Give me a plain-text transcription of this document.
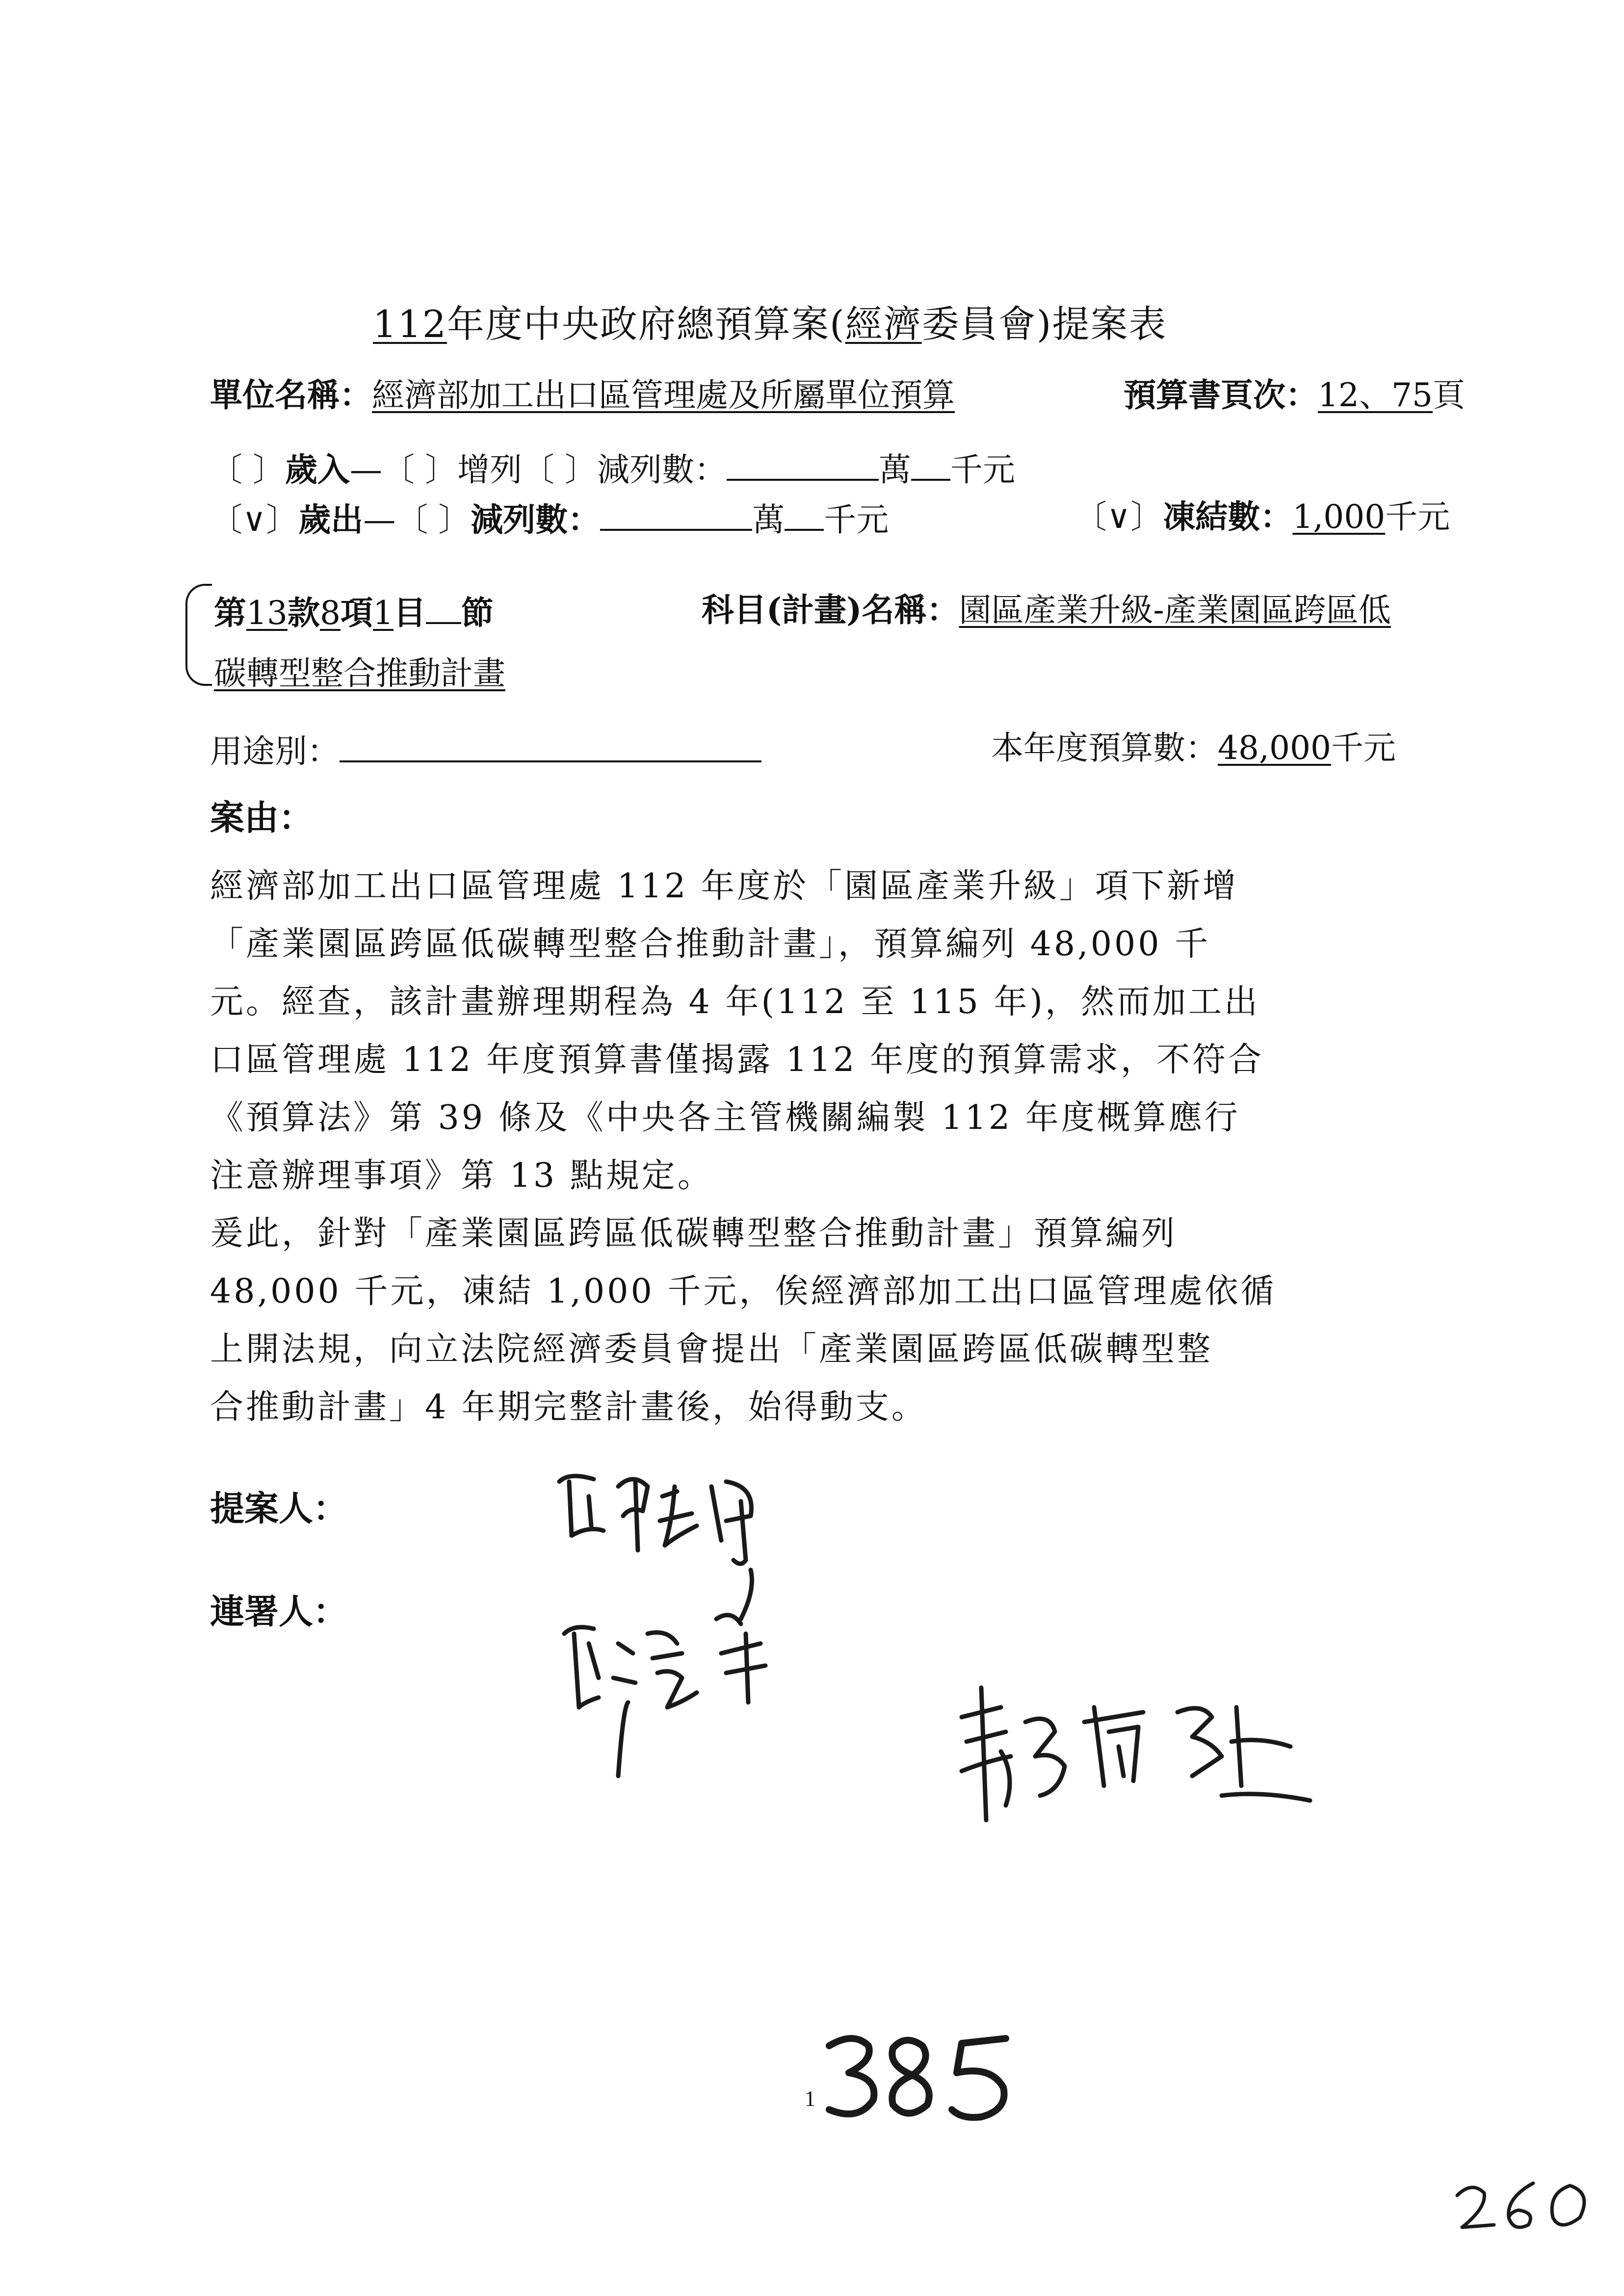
112年度中央政府總預算案(經濟委員會)提案表
單位名稱：經濟部加工出口區管理處及所屬單位預算	預算書頁次：12、75頁
〔 〕歲入—〔 〕增列〔 〕減列數：	萬 千元
〔∨〕歲出—〔 〕減列數：	萬 千元	〔∨〕凍結數：1,000千元
第13款8項1目 節	科目(計畫)名稱：園區產業升級-產業園區跨區低
碳轉型整合推動計畫
用途別：	本年度預算數：48,000千元
案由：
經濟部加工出口區管理處 112 年度於「園區產業升級」項下新增
「產業園區跨區低碳轉型整合推動計畫」，預算編列 48,000 千
元。經查，該計畫辦理期程為 4 年(112 至 115 年)，然而加工出
口區管理處 112 年度預算書僅揭露 112 年度的預算需求，不符合
《預算法》第 39 條及《中央各主管機關編製 112 年度概算應行
注意辦理事項》第 13 點規定。
爰此，針對「產業園區跨區低碳轉型整合推動計畫」預算編列
48,000 千元，凍結 1,000 千元，俟經濟部加工出口區管理處依循
上開法規，向立法院經濟委員會提出「產業園區跨區低碳轉型整
合推動計畫」4 年期完整計畫後，始得動支。
提案人：
連署人：
1
